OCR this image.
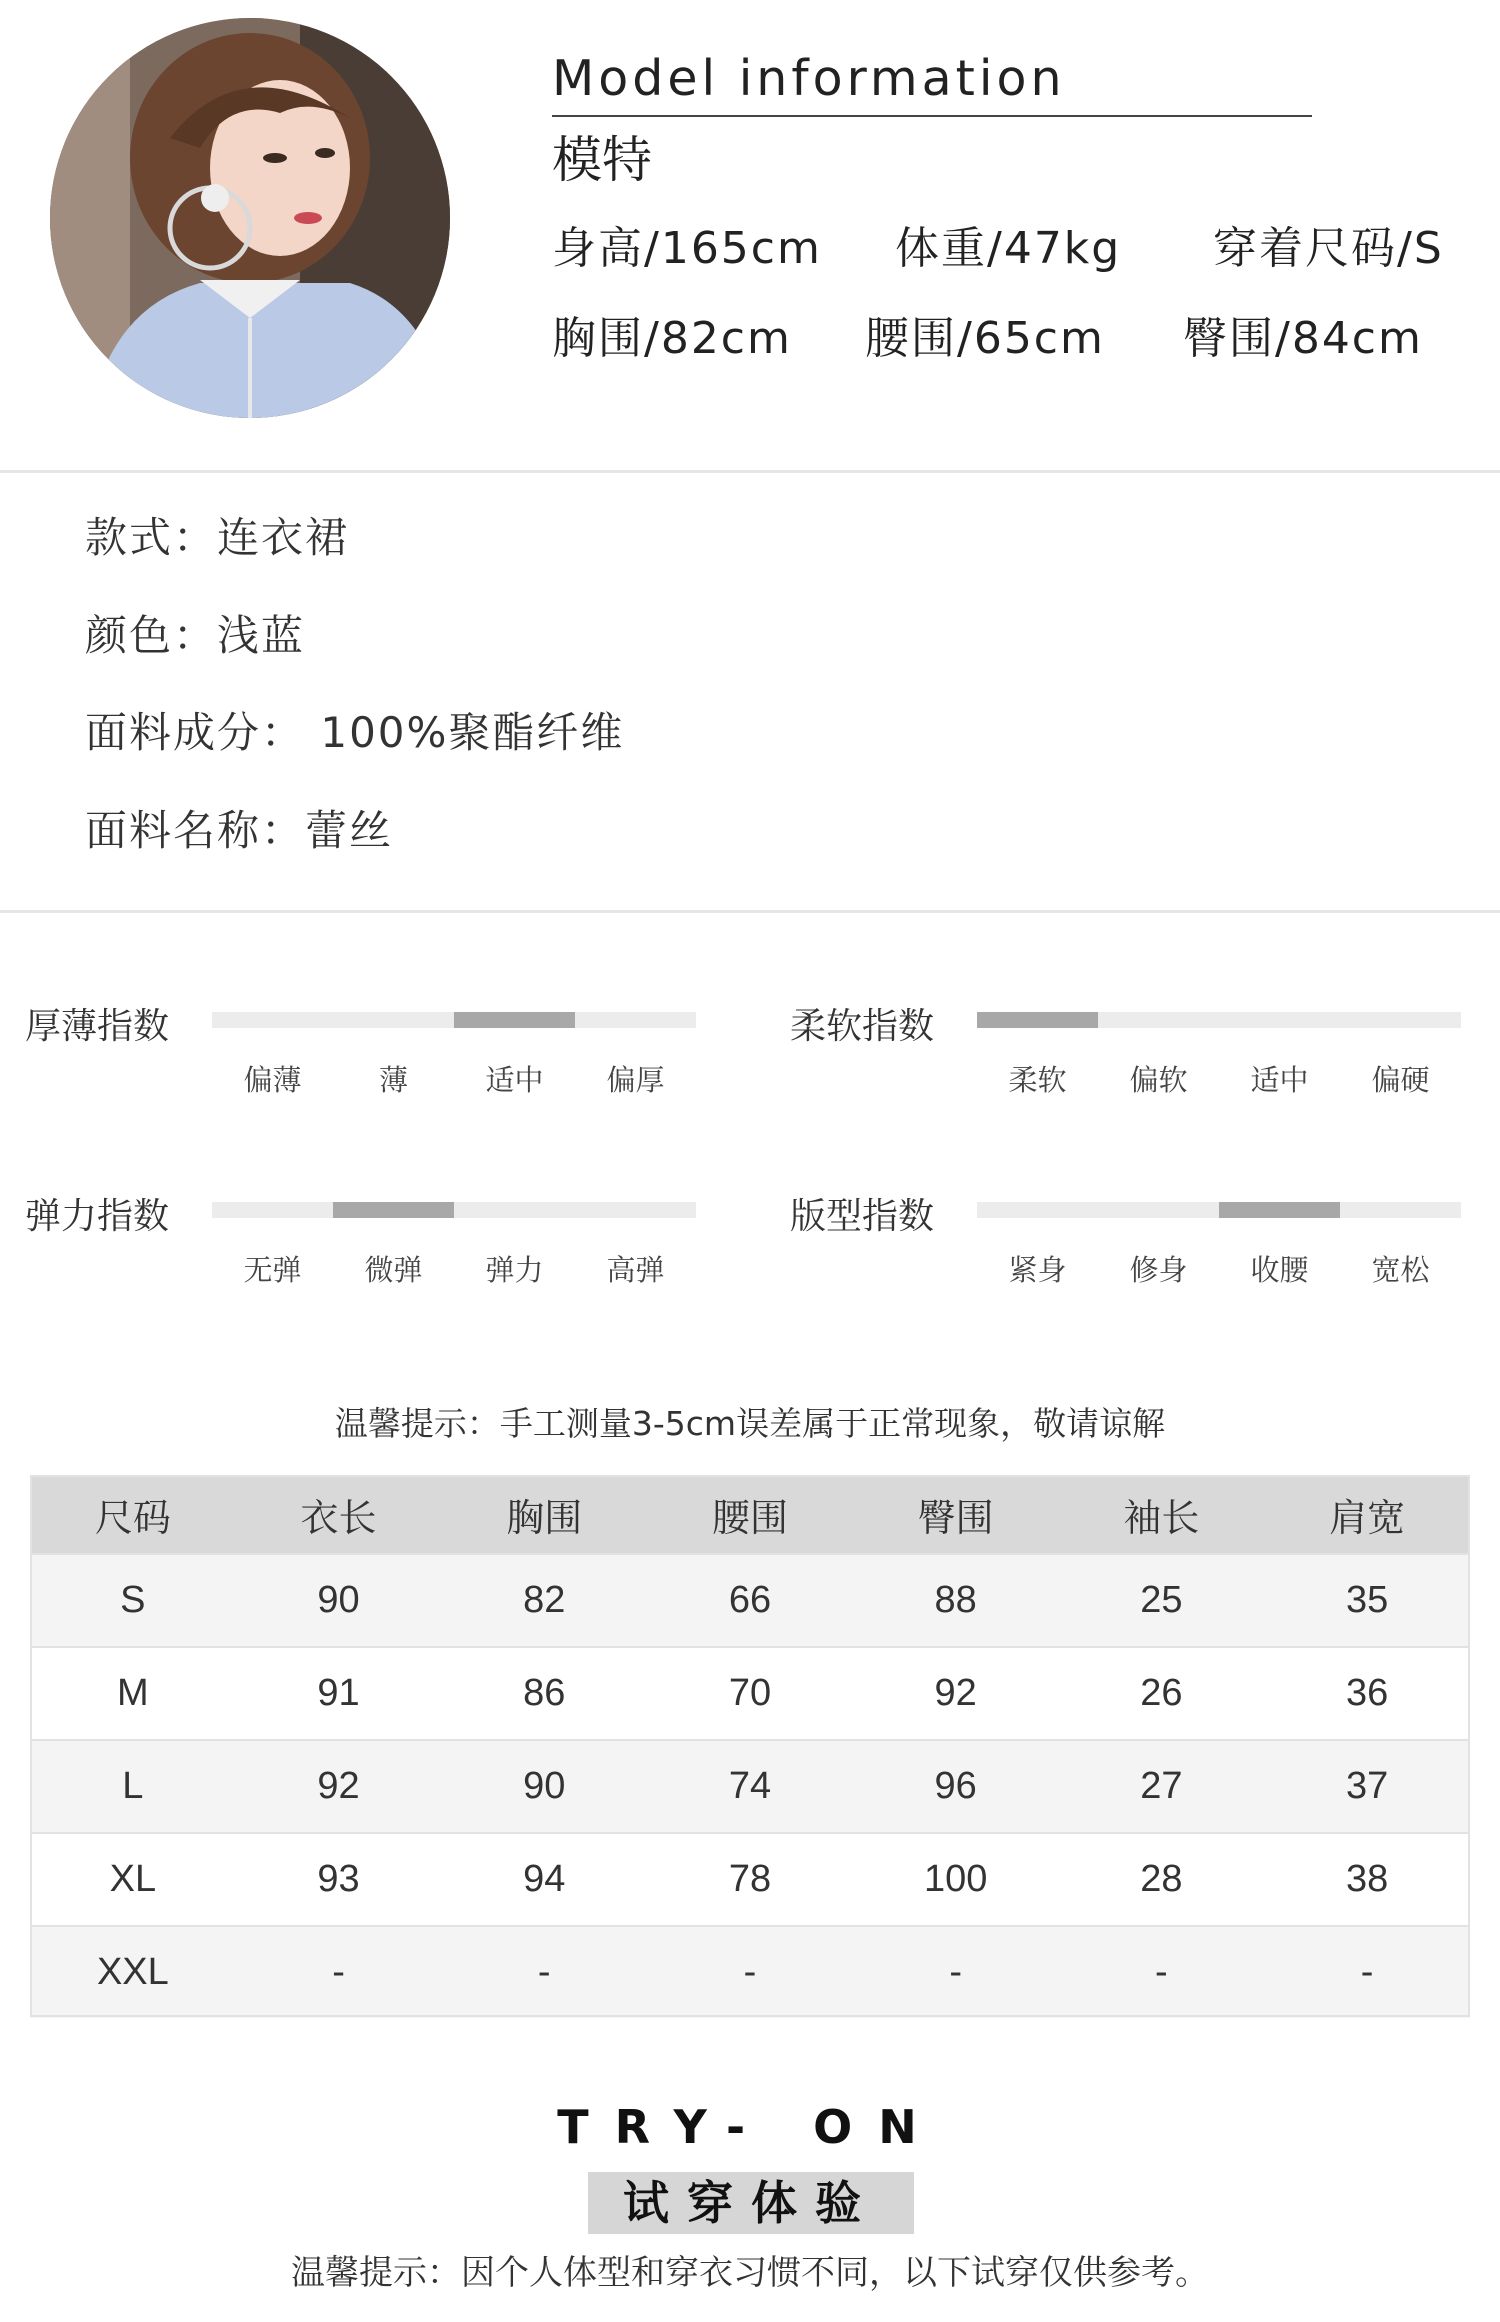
Model information
模特
身高/165cm 体重/47kg 穿着尺码/S
胸围/82cm 腰围/65cm 臀围/84cm
款式：连衣裙
颜色：浅蓝
面料成分： 100%聚酯纤维
面料名称：蕾丝
厚薄指数
偏薄	薄	适中 偏厚
柔软指数
柔软 偏软 适中 偏硬
弹力指数
无弹 微弹 弹力 高弹
版型指数
紧身 修身 收腰 宽松
温馨提示：手工测量3-5cm误差属于正常现象，敬请谅解
尺码	衣长	胸围	腰围	臀围	袖长	肩宽
S	90	82	66	88	25	35
M	91	86	70	92	26	36
L	92	90	74	96	27	37
XL	93	94	78	100	28	38
XXL	-	-	-	-	-	-
TRY- ON
试穿体验
温馨提示：因个人体型和穿衣习惯不同，以下试穿仅供参考。
